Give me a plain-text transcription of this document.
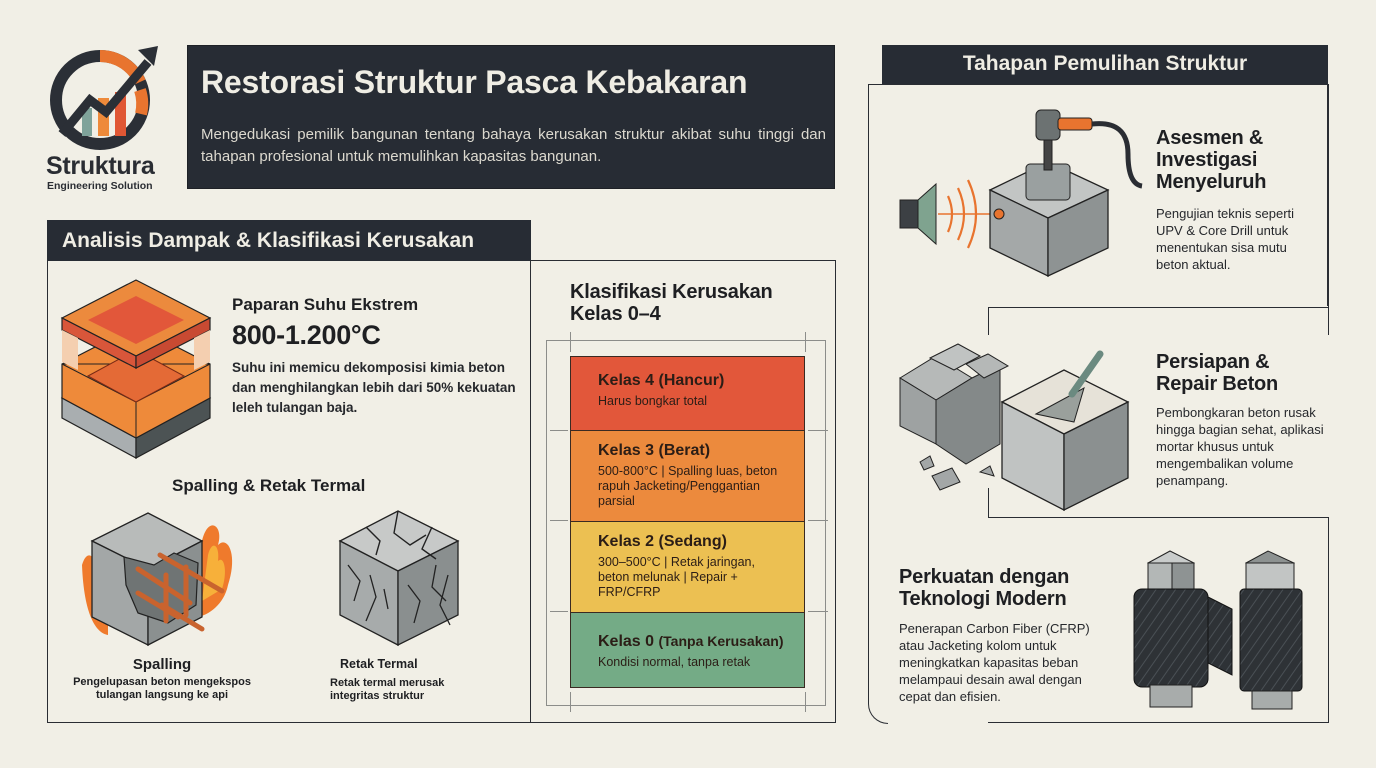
Struktura
Engineering Solution
Restorasi Struktur Pasca Kebakaran
Mengedukasi pemilik bangunan tentang bahaya kerusakan struktur akibat suhu tinggi dan tahapan profesional untuk memulihkan kapasitas bangunan.
Analisis Dampak & Klasifikasi Kerusakan
Paparan Suhu Ekstrem
800-1.200°C
Suhu ini memicu dekomposisi kimia beton dan menghilangkan lebih dari 50% kekuatan leleh tulangan baja.
Spalling & Retak Termal
Spalling
Pengelupasan beton mengekspos tulangan langsung ke api
Retak Termal
Retak termal merusak integritas struktur
Klasifikasi Kerusakan
Kelas 0–4
Kelas 4 (Hancur)
Harus bongkar total
Kelas 3 (Berat)
500-800°C | Spalling luas, beton rapuh Jacketing/Penggantian parsial
Kelas 2 (Sedang)
300–500°C | Retak jaringan, beton melunak | Repair + FRP/CFRP
Kelas 0 (Tanpa Kerusakan)
Kondisi normal, tanpa retak
Tahapan Pemulihan Struktur
Asesmen & Investigasi Menyeluruh
Pengujian teknis seperti UPV & Core Drill untuk menentukan sisa mutu beton aktual.
Persiapan & Repair Beton
Pembongkaran beton rusak hingga bagian sehat, aplikasi mortar khusus untuk mengembalikan volume penampang.
Perkuatan dengan Teknologi Modern
Penerapan Carbon Fiber (CFRP) atau Jacketing kolom untuk meningkatkan kapasitas beban melampaui desain awal dengan cepat dan efisien.
